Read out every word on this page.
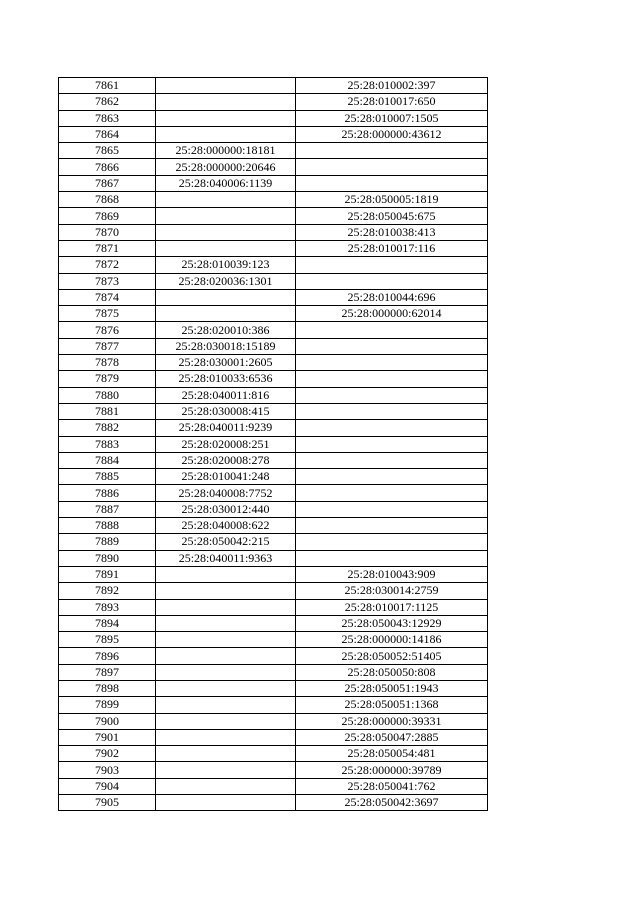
7861		25:28:010002:397
7862		25:28:010017:650
7863		25:28:010007:1505
7864		25:28:000000:43612
7865	25:28:000000:18181	
7866	25:28:000000:20646	
7867	25:28:040006:1139	
7868		25:28:050005:1819
7869		25:28:050045:675
7870		25:28:010038:413
7871		25:28:010017:116
7872	25:28:010039:123	
7873	25:28:020036:1301	
7874		25:28:010044:696
7875		25:28:000000:62014
7876	25:28:020010:386	
7877	25:28:030018:15189	
7878	25:28:030001:2605	
7879	25:28:010033:6536	
7880	25:28:040011:816	
7881	25:28:030008:415	
7882	25:28:040011:9239	
7883	25:28:020008:251	
7884	25:28:020008:278	
7885	25:28:010041:248	
7886	25:28:040008:7752	
7887	25:28:030012:440	
7888	25:28:040008:622	
7889	25:28:050042:215	
7890	25:28:040011:9363	
7891		25:28:010043:909
7892		25:28:030014:2759
7893		25:28:010017:1125
7894		25:28:050043:12929
7895		25:28:000000:14186
7896		25:28:050052:51405
7897		25:28:050050:808
7898		25:28:050051:1943
7899		25:28:050051:1368
7900		25:28:000000:39331
7901		25:28:050047:2885
7902		25:28:050054:481
7903		25:28:000000:39789
7904		25:28:050041:762
7905		25:28:050042:3697
